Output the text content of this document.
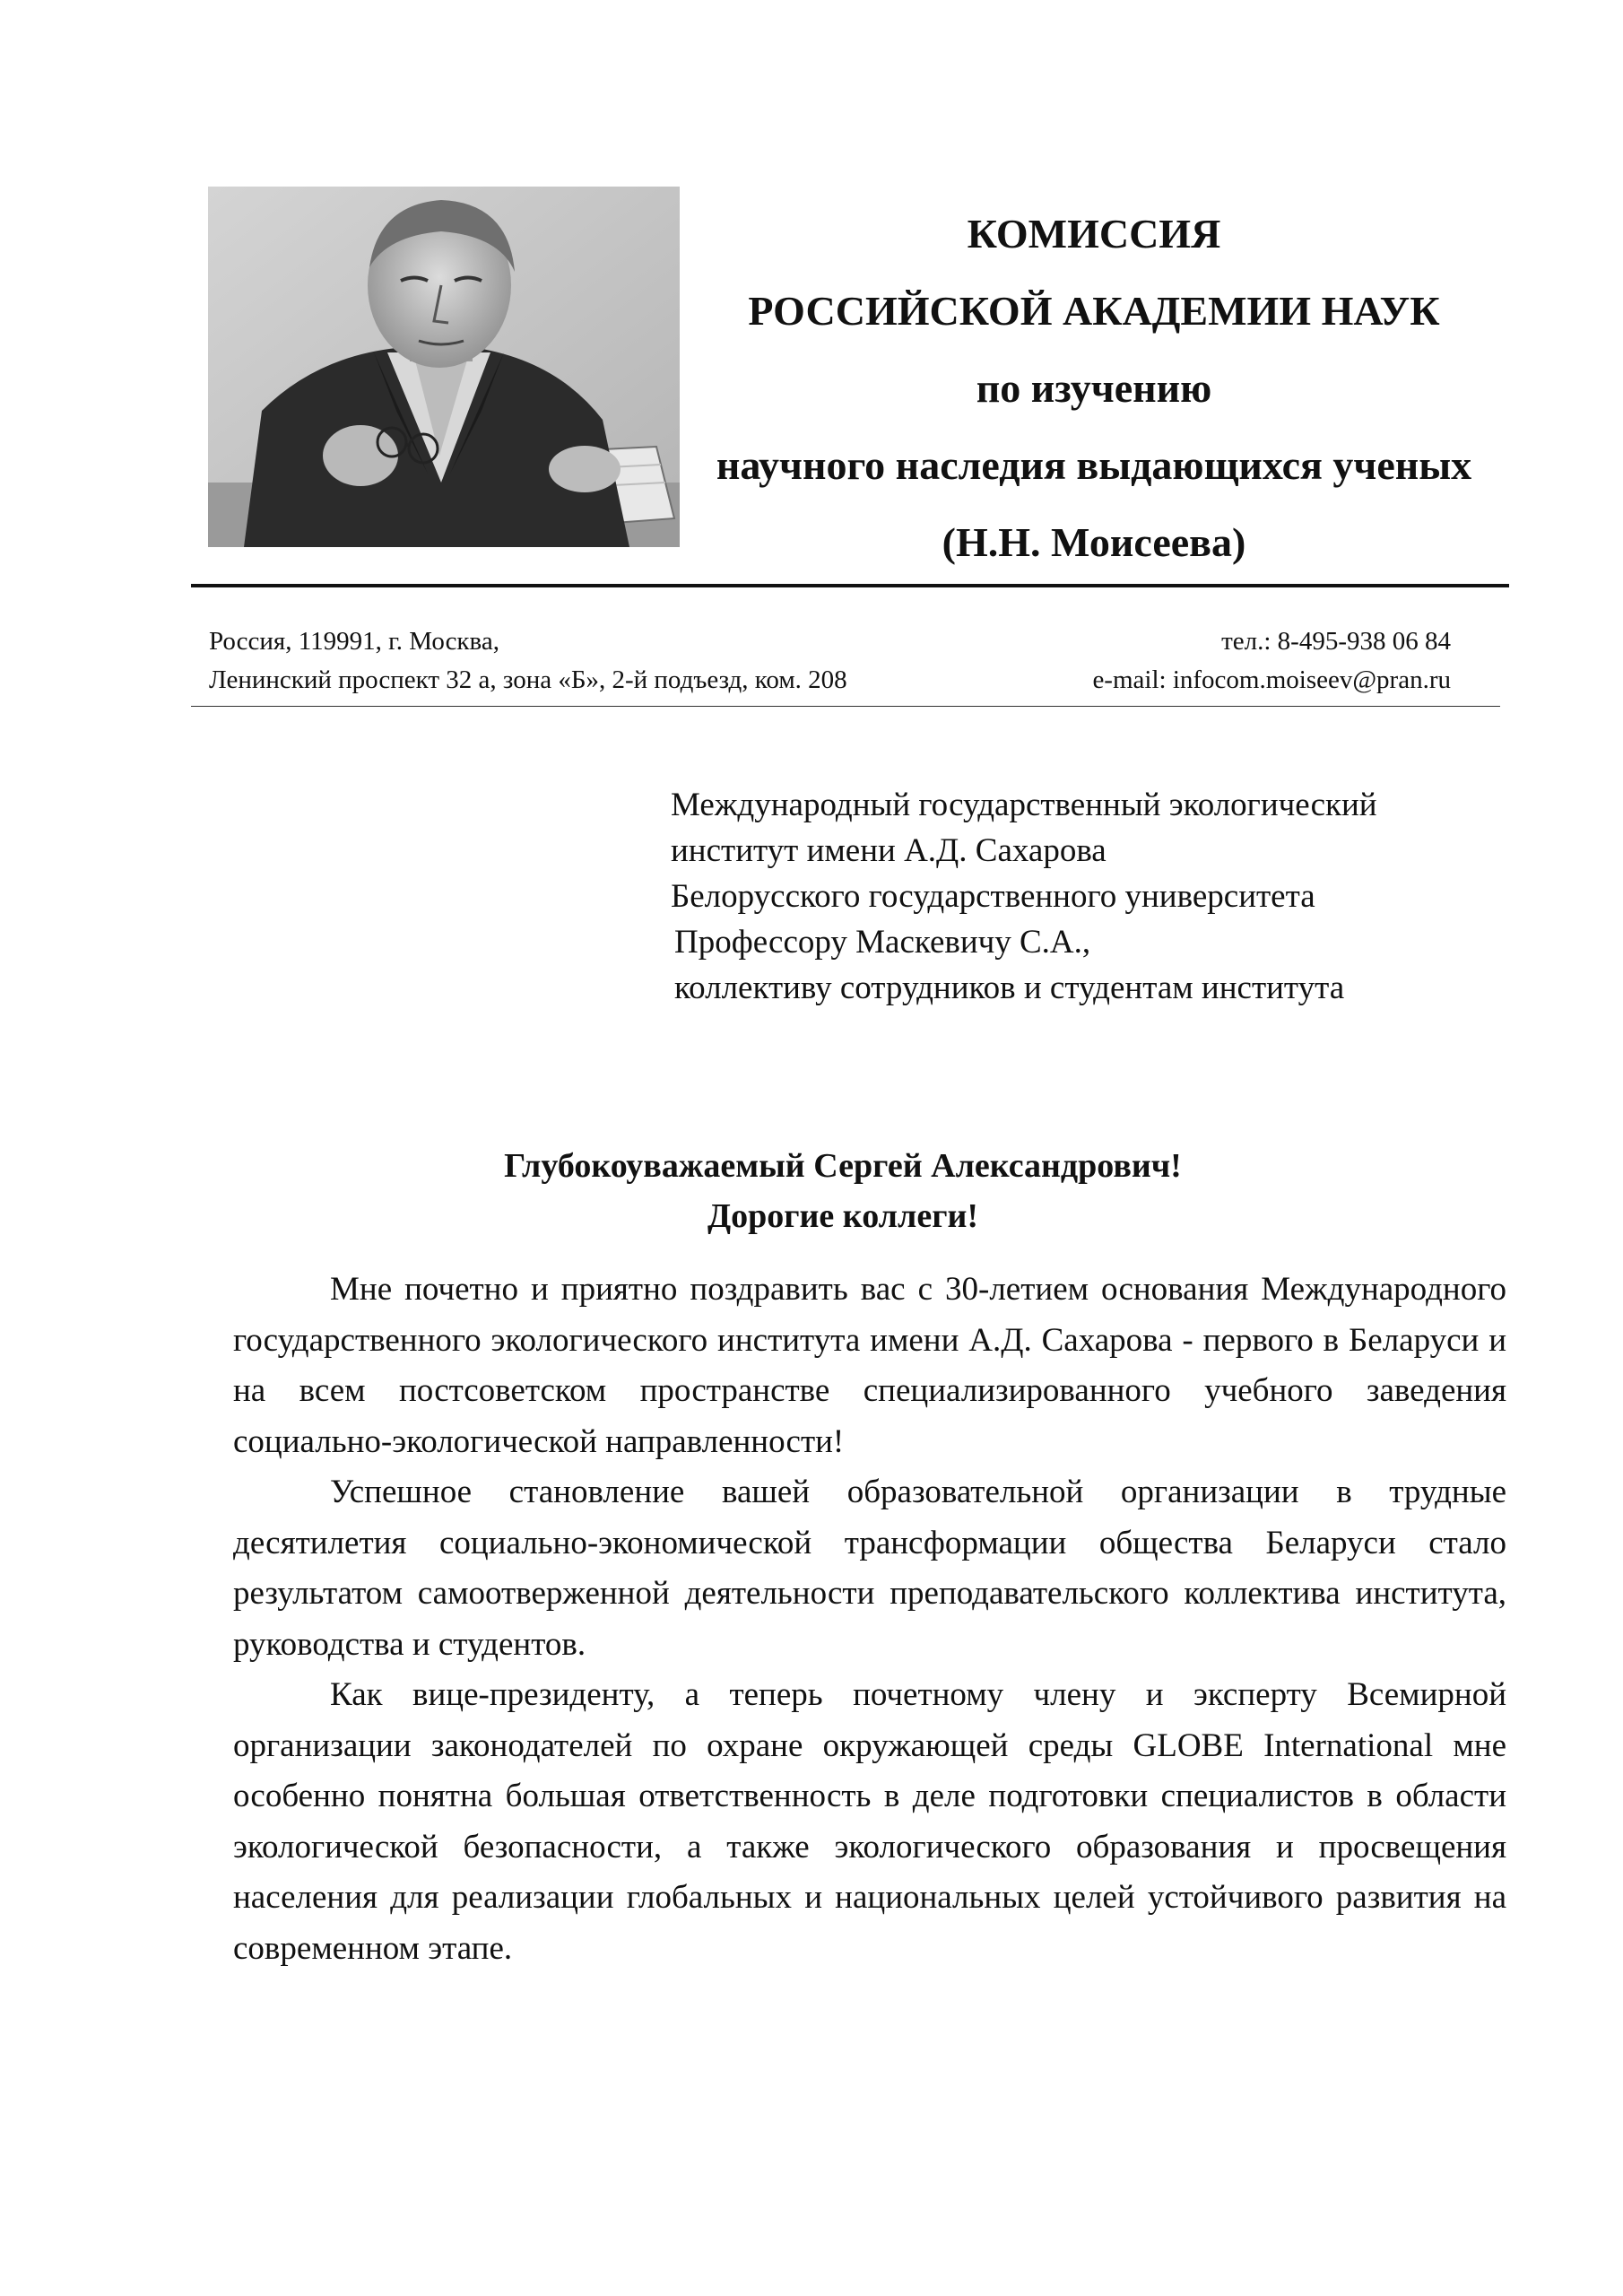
КОМИССИЯ
РОССИЙСКОЙ АКАДЕМИИ НАУК
по изучению
научного наследия выдающихся ученых
(Н.Н. Моисеева)
Россия, 119991, г. Москва,
Ленинский проспект 32 а, зона «Б», 2-й подъезд, ком. 208
тел.: 8-495-938 06 84
e-mail: infocom.moiseev@pran.ru
Международный государственный экологический
институт имени А.Д. Сахарова
Белорусского государственного университета
Профессору Маскевичу С.А.,
коллективу сотрудников и студентам института
Глубокоуважаемый Сергей Александрович!
Дорогие коллеги!

Мне почетно и приятно поздравить вас с 30-летием основания Международного государственного экологического института имени А.Д. Сахарова - первого в Беларуси и на всем постсоветском пространстве специализированного учебного заведения социально-экологической направленности!

Успешное становление вашей образовательной организации в трудные десятилетия социально-экономической трансформации общества Беларуси стало результатом самоотверженной деятельности преподавательского коллектива института, руководства и студентов.

Как вице-президенту, а теперь почетному члену и эксперту Всемирной организации законодателей по охране окружающей среды GLOBE International мне особенно понятна большая ответственность в деле подготовки специалистов в области экологической безопасности, а также экологического образования и просвещения населения для реализации глобальных и национальных целей устойчивого развития на современном этапе.
